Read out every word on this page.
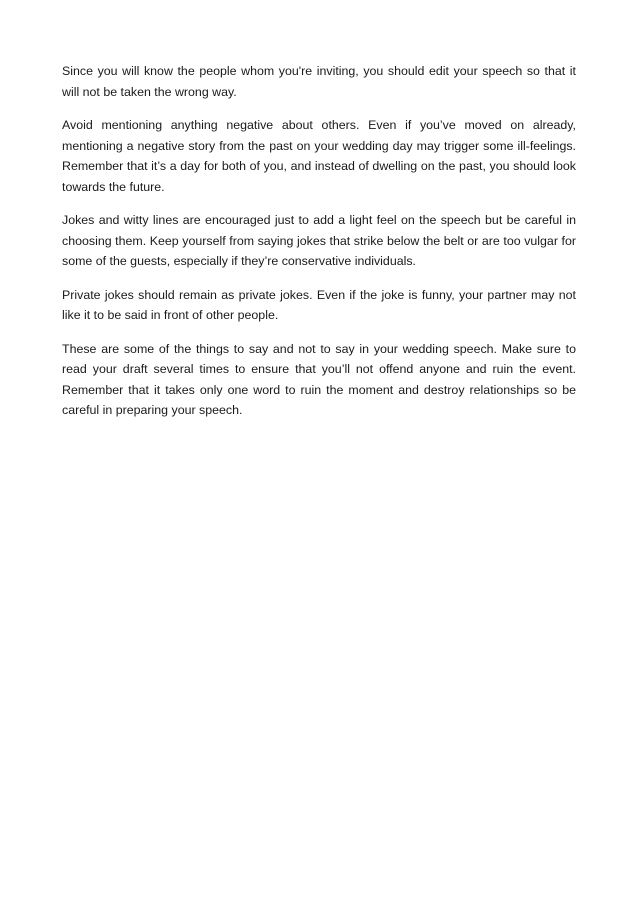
Since you will know the people whom you're inviting, you should edit your speech so that it will not be taken the wrong way.

Avoid mentioning anything negative about others. Even if you’ve moved on already, mentioning a negative story from the past on your wedding day may trigger some ill-feelings. Remember that it’s a day for both of you, and instead of dwelling on the past, you should look towards the future.

Jokes and witty lines are encouraged just to add a light feel on the speech but be careful in choosing them. Keep yourself from saying jokes that strike below the belt or are too vulgar for some of the guests, especially if they’re conservative individuals.

Private jokes should remain as private jokes. Even if the joke is funny, your partner may not like it to be said in front of other people.

These are some of the things to say and not to say in your wedding speech. Make sure to read your draft several times to ensure that you’ll not offend anyone and ruin the event. Remember that it takes only one word to ruin the moment and destroy relationships so be careful in preparing your speech.
